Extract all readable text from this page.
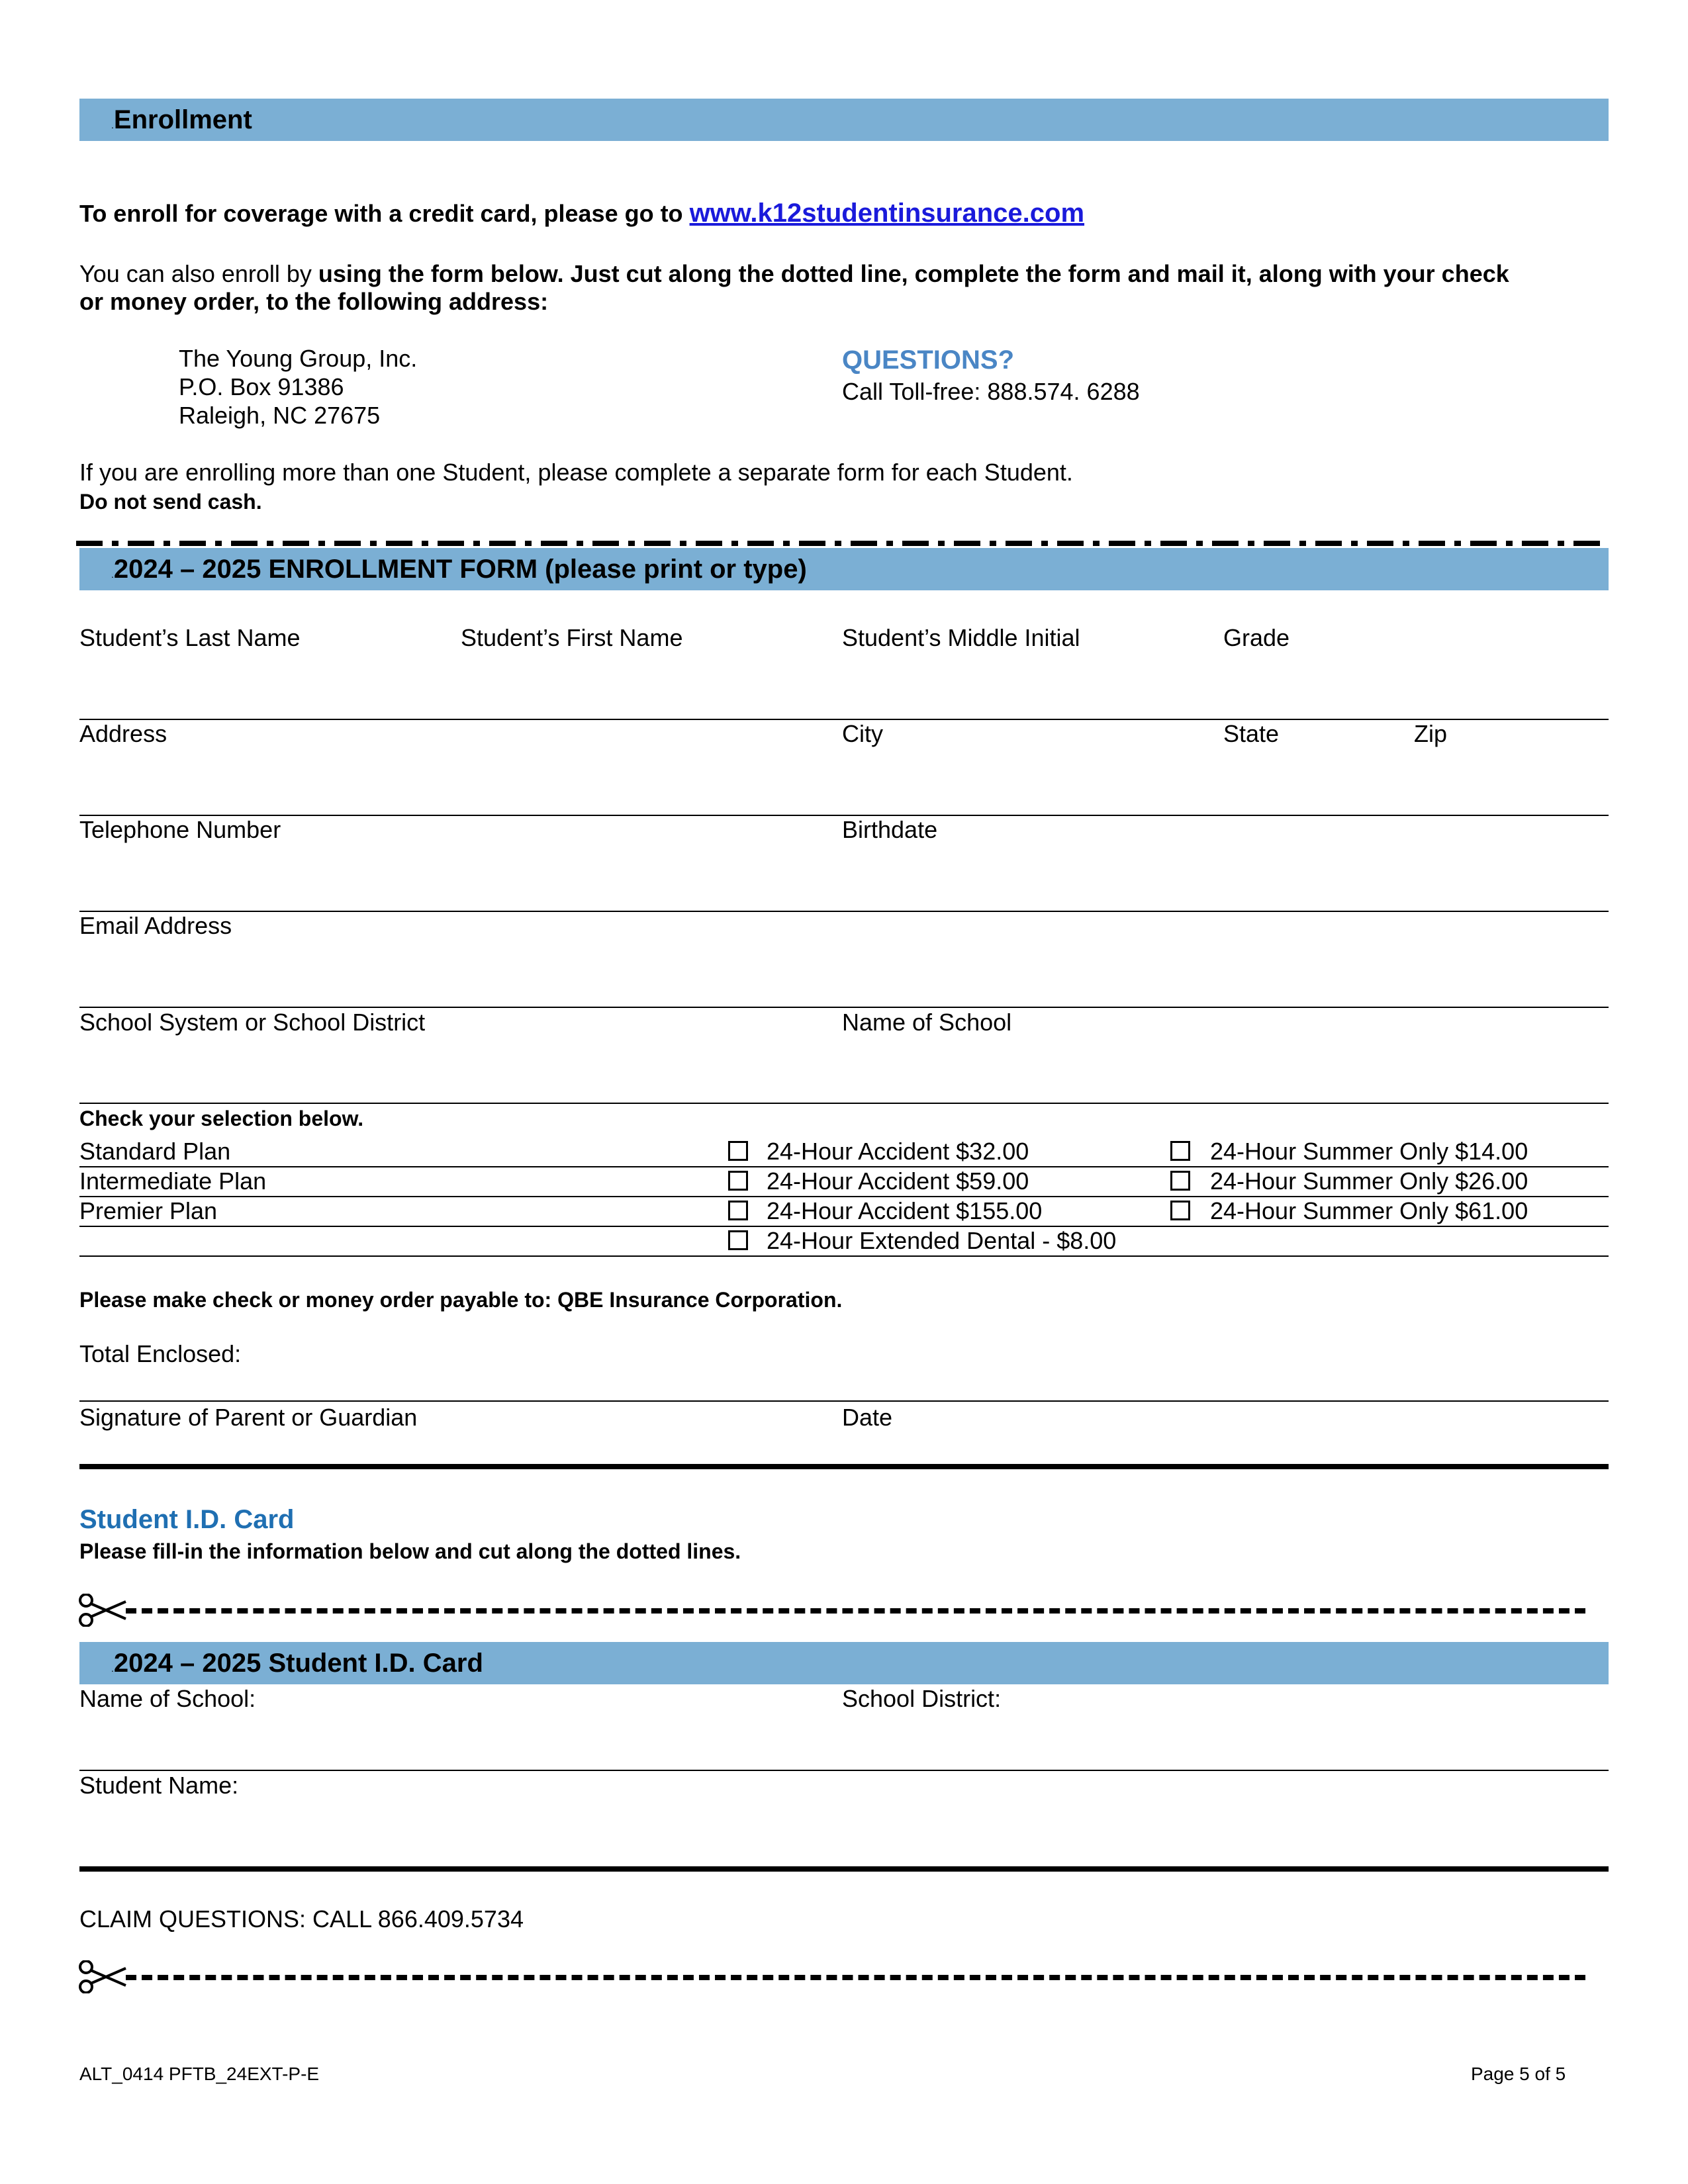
.Enrollment
To enroll for coverage with a credit card, please go to www.k12studentinsurance.com
You can also enroll by using the form below. Just cut along the dotted line, complete the form and mail it, along with your check
or money order, to the following address:
The Young Group, Inc.
P.O. Box 91386
Raleigh, NC 27675
QUESTIONS?
Call Toll-free: 888.574. 6288
If you are enrolling more than one Student, please complete a separate form for each Student.
Do not send cash.
.2024 – 2025 ENROLLMENT FORM (please print or type)
Student’s Last Name	Student’s First Name	Student’s Middle Initial	Grade
Address	City	State	Zip
Telephone Number	Birthdate
Email Address
School System or School District	Name of School
Check your selection below.
Standard Plan	24-Hour Accident $32.00	24-Hour Summer Only $14.00
Intermediate Plan	24-Hour Accident $59.00	24-Hour Summer Only $26.00
Premier Plan	24-Hour Accident $155.00	24-Hour Summer Only $61.00
24-Hour Extended Dental - $8.00
Please make check or money order payable to: QBE Insurance Corporation.
Total Enclosed:
Signature of Parent or Guardian	Date
Student I.D. Card
Please fill-in the information below and cut along the dotted lines.
.2024 – 2025 Student I.D. Card
Name of School:	School District:
Student Name:
CLAIM QUESTIONS: CALL 866.409.5734
ALT_0414 PFTB_24EXT-P-E	Page 5 of 5
